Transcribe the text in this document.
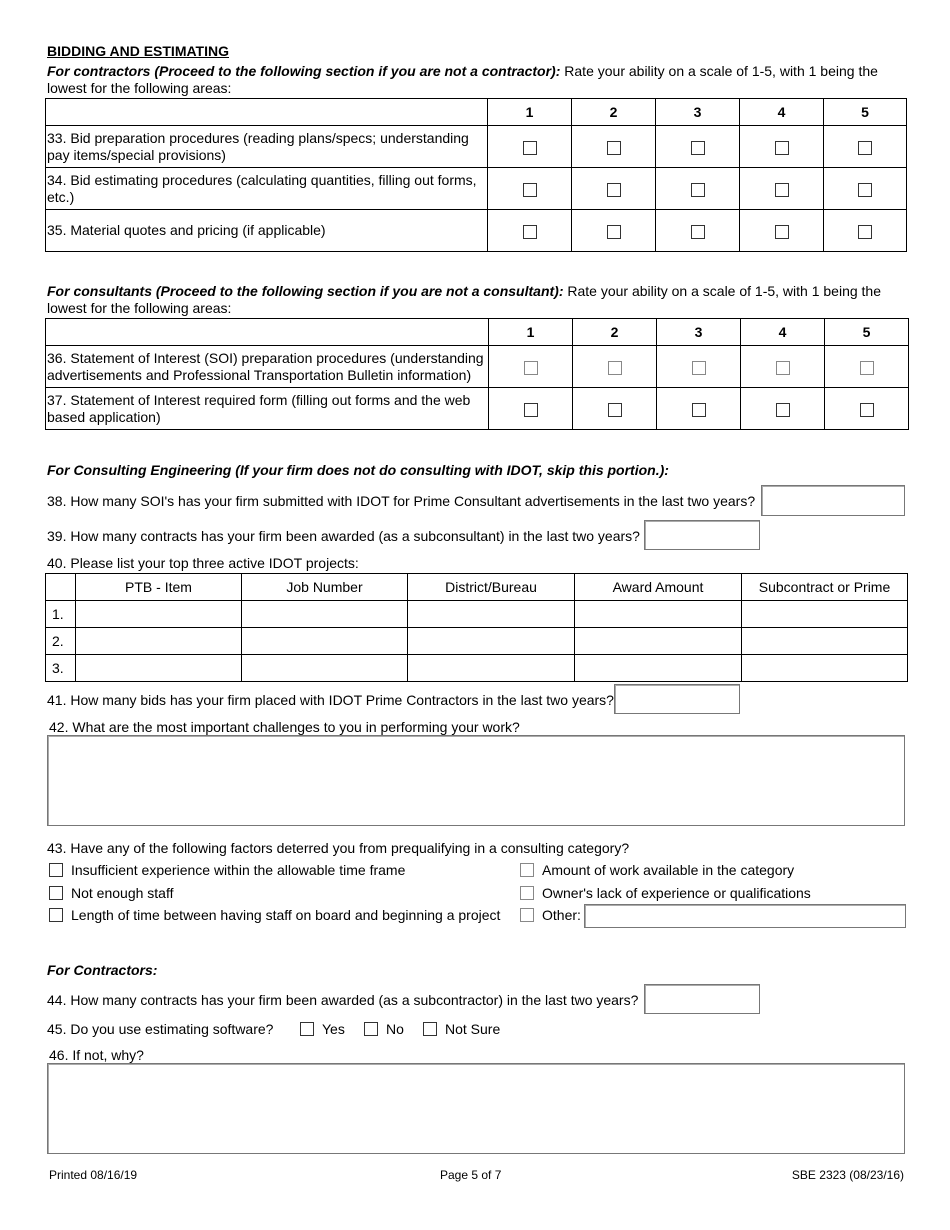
BIDDING AND ESTIMATING
For contractors (Proceed to the following section if you are not a contractor): Rate your ability on a scale of 1-5, with 1 being the lowest for the following areas:
	1	2	3	4	5
33. Bid preparation procedures (reading plans/specs; understanding pay items/special provisions)					
34. Bid estimating procedures (calculating quantities, filling out forms, etc.)					
35. Material quotes and pricing (if applicable)					
For consultants (Proceed to the following section if you are not a consultant): Rate your ability on a scale of 1-5, with 1 being the lowest for the following areas:
	1	2	3	4	5
36. Statement of Interest (SOI) preparation procedures (understanding advertisements and Professional Transportation Bulletin information)					
37. Statement of Interest required form (filling out forms and the web based application)					
For Consulting Engineering (If your firm does not do consulting with IDOT, skip this portion.):
38. How many SOI's has your firm submitted with IDOT for Prime Consultant advertisements in the last two years?
39. How many contracts has your firm been awarded (as a subconsultant) in the last two years?
40. Please list your top three active IDOT projects:
	PTB - Item	Job Number	District/Bureau	Award Amount	Subcontract or Prime
1.					
2.					
3.					
41. How many bids has your firm placed with IDOT Prime Contractors in the last two years?
42. What are the most important challenges to you in performing your work?
43. Have any of the following factors deterred you from prequalifying in a consulting category?
Insufficient experience within the allowable time frame
Not enough staff
Length of time between having staff on board and beginning a project
Amount of work available in the category
Owner's lack of experience or qualifications
Other:
For Contractors:
44. How many contracts has your firm been awarded (as a subcontractor) in the last two years?
45. Do you use estimating software?	Yes	No	Not Sure
46. If not, why?
Printed 08/16/19	Page 5 of 7	SBE 2323 (08/23/16)
